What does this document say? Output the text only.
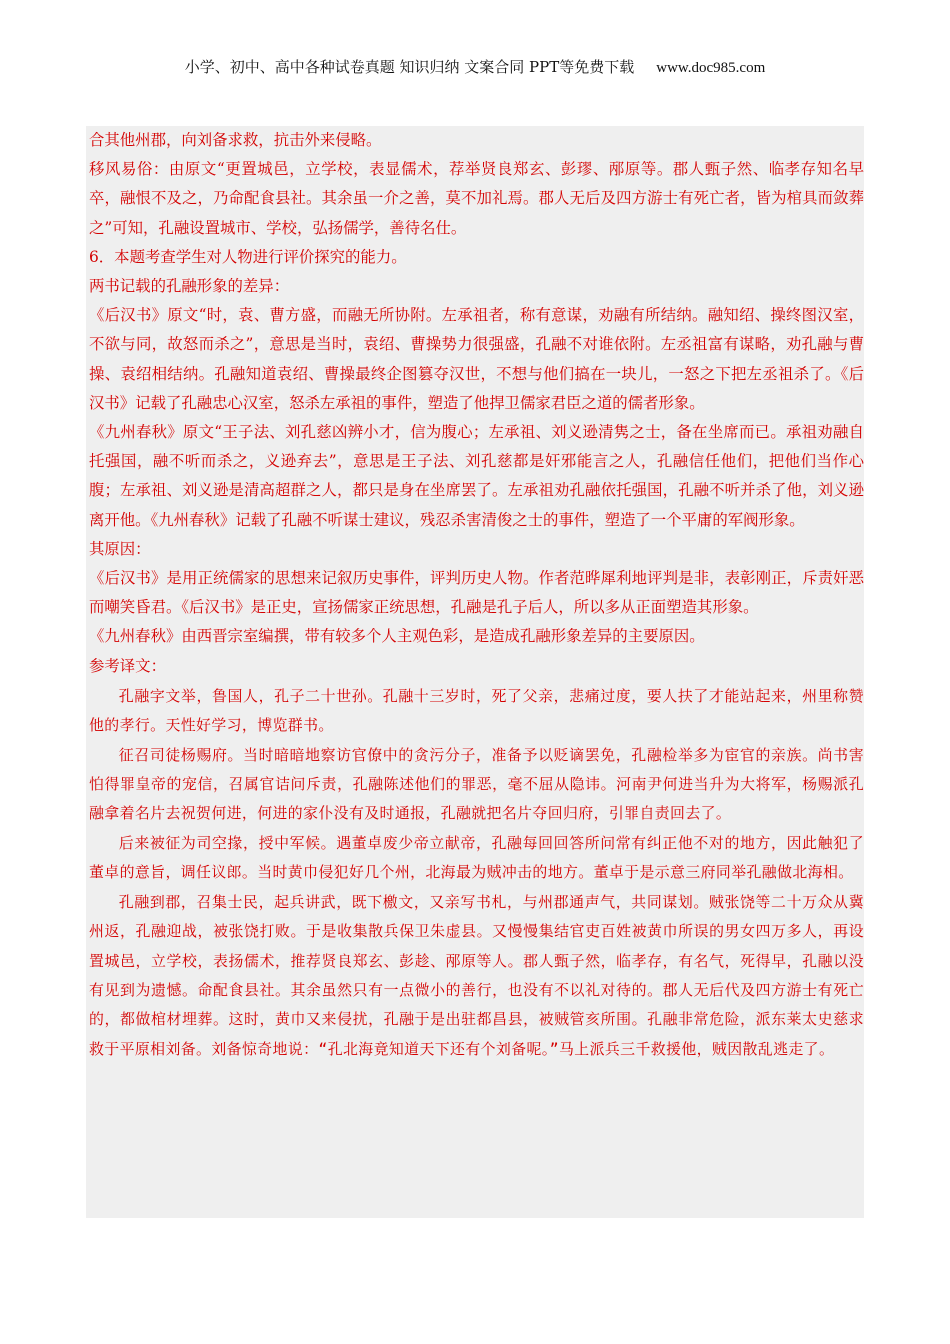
小学、初中、高中各种试卷真题 知识归纳 文案合同 PPT等免费下载 www.doc985.com

合其他州郡，向刘备求救，抗击外来侵略。

移风易俗：由原文“更置城邑，立学校，表显儒术，荐举贤良郑玄、彭璆、邴原等。郡人甄子然、临孝存知名早卒，融恨不及之，乃命配食县社。其余虽一介之善，莫不加礼焉。郡人无后及四方游士有死亡者，皆为棺具而敛葬之”可知，孔融设置城市、学校，弘扬儒学，善待名仕。

6．本题考查学生对人物进行评价探究的能力。

两书记载的孔融形象的差异：

《后汉书》原文“时，袁、曹方盛，而融无所协附。左承祖者，称有意谋，劝融有所结纳。融知绍、操终图汉室，不欲与同，故怒而杀之”，意思是当时，袁绍、曹操势力很强盛，孔融不对谁依附。左丞祖富有谋略，劝孔融与曹操、袁绍相结纳。孔融知道袁绍、曹操最终企图篡夺汉世，不想与他们搞在一块儿，一怒之下把左丞祖杀了。《后汉书》记载了孔融忠心汉室，怒杀左承祖的事件，塑造了他捍卫儒家君臣之道的儒者形象。

《九州春秋》原文“王子法、刘孔慈凶辨小才，信为腹心；左承祖、刘义逊清隽之士，备在坐席而已。承祖劝融自托强国，融不听而杀之，义逊弃去”，意思是王子法、刘孔慈都是奸邪能言之人，孔融信任他们，把他们当作心腹；左承祖、刘义逊是清高超群之人，都只是身在坐席罢了。左承祖劝孔融依托强国，孔融不听并杀了他，刘义逊离开他。《九州春秋》记载了孔融不听谋士建议，残忍杀害清俊之士的事件，塑造了一个平庸的军阀形象。

其原因：

《后汉书》是用正统儒家的思想来记叙历史事件，评判历史人物。作者范晔犀利地评判是非，表彰刚正，斥责奸恶而嘲笑昏君。《后汉书》是正史，宣扬儒家正统思想，孔融是孔子后人，所以多从正面塑造其形象。

《九州春秋》由西晋宗室编撰，带有较多个人主观色彩，是造成孔融形象差异的主要原因。

参考译文：

孔融字文举，鲁国人，孔子二十世孙。孔融十三岁时，死了父亲，悲痛过度，要人扶了才能站起来，州里称赞他的孝行。天性好学习，博览群书。

征召司徒杨赐府。当时暗暗地察访官僚中的贪污分子，准备予以贬谪罢免，孔融检举多为宦官的亲族。尚书害怕得罪皇帝的宠信，召属官诘问斥责，孔融陈述他们的罪恶，毫不屈从隐讳。河南尹何进当升为大将军，杨赐派孔融拿着名片去祝贺何进，何进的家仆没有及时通报，孔融就把名片夺回归府，引罪自责回去了。

后来被征为司空掾，授中军候。遇董卓废少帝立献帝，孔融每回回答所问常有纠正他不对的地方，因此触犯了董卓的意旨，调任议郎。当时黄巾侵犯好几个州，北海最为贼冲击的地方。董卓于是示意三府同举孔融做北海相。

孔融到郡，召集士民，起兵讲武，既下檄文，又亲写书札，与州郡通声气，共同谋划。贼张饶等二十万众从冀州返，孔融迎战，被张饶打败。于是收集散兵保卫朱虚县。又慢慢集结官吏百姓被黄巾所误的男女四万多人，再设置城邑，立学校，表扬儒术，推荐贤良郑玄、彭趁、邴原等人。郡人甄子然，临孝存，有名气，死得早，孔融以没有见到为遗憾。命配食县社。其余虽然只有一点微小的善行，也没有不以礼对待的。郡人无后代及四方游士有死亡的，都做棺材埋葬。这时，黄巾又来侵扰，孔融于是出驻都昌县，被贼管亥所围。孔融非常危险，派东莱太史慈求救于平原相刘备。刘备惊奇地说：“孔北海竟知道天下还有个刘备呢。”马上派兵三千救援他，贼因散乱逃走了。
